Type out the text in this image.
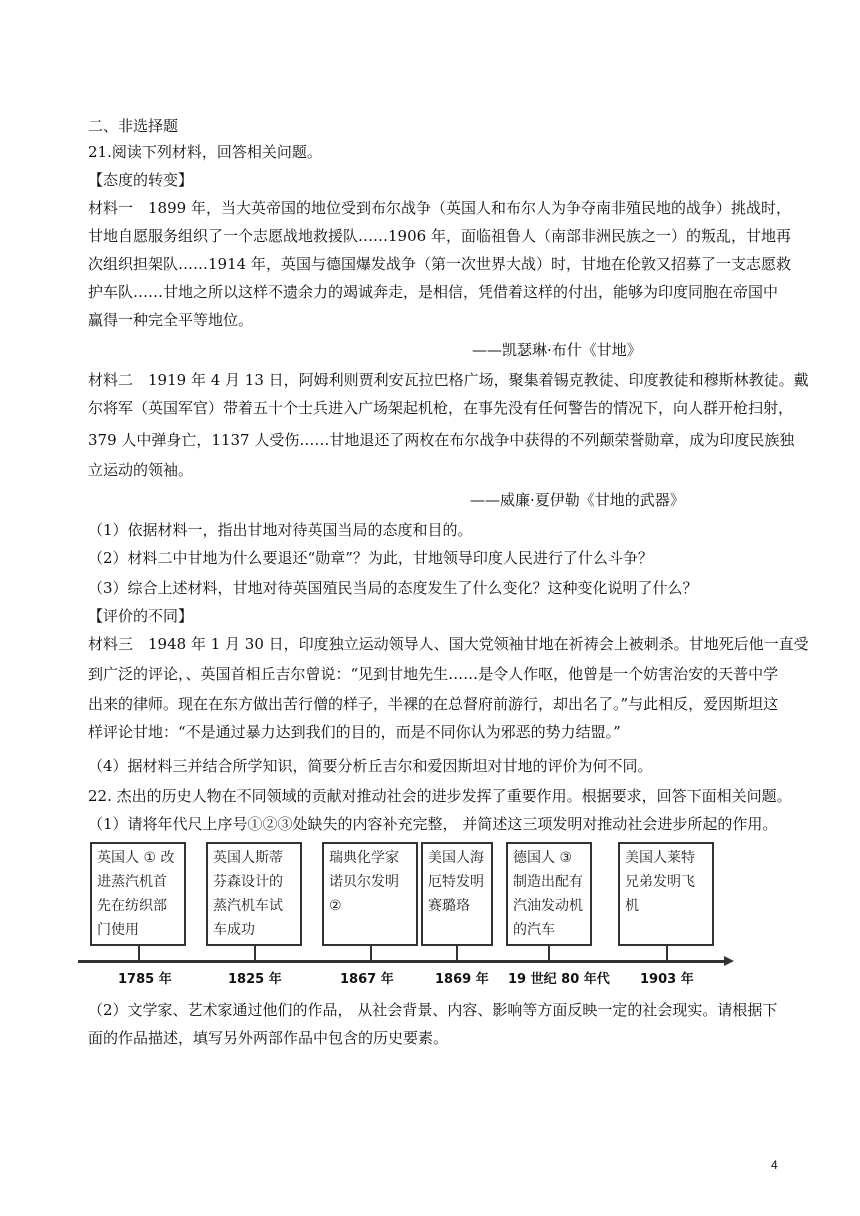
二、非选择题
21.阅读下列材料，回答相关问题。
【态度的转变】
材料一　1899 年，当大英帝国的地位受到布尔战争（英国人和布尔人为争夺南非殖民地的战争）挑战时，
甘地自愿服务组织了一个志愿战地救援队……1906 年，面临祖鲁人（南部非洲民族之一）的叛乱，甘地再
次组织担架队……1914 年，英国与德国爆发战争（第一次世界大战）时，甘地在伦敦又招募了一支志愿救
护车队……甘地之所以这样不遗余力的竭诚奔走，是相信，凭借着这样的付出，能够为印度同胞在帝国中
赢得一种完全平等地位。
——凯瑟琳·布什《甘地》
材料二　1919 年 4 月 13 日，阿姆利则贾利安瓦拉巴格广场，聚集着锡克教徒、印度教徒和穆斯林教徒。戴
尔将军（英国军官）带着五十个士兵进入广场架起机枪，在事先没有任何警告的情况下，向人群开枪扫射，
379 人中弹身亡，1137 人受伤……甘地退还了两枚在布尔战争中获得的不列颠荣誉勋章，成为印度民族独
立运动的领袖。
——威廉·夏伊勒《甘地的武器》
（1）依据材料一，指出甘地对待英国当局的态度和目的。
（2）材料二中甘地为什么要退还“勋章”？为此，甘地领导印度人民进行了什么斗争？
（3）综合上述材料，甘地对待英国殖民当局的态度发生了什么变化？这种变化说明了什么？
【评价的不同】
材料三　1948 年 1 月 30 日，印度独立运动领导人、国大党领袖甘地在祈祷会上被刺杀。甘地死后他一直受
到广泛的评论，、英国首相丘吉尔曾说：“见到甘地先生……是令人作呕，他曾是一个妨害治安的天普中学
出来的律师。现在在东方做出苦行僧的样子，半裸的在总督府前游行，却出名了。”与此相反，爱因斯坦这
样评论甘地：“不是通过暴力达到我们的目的，而是不同你认为邪恶的势力结盟。”
（4）据材料三并结合所学知识，简要分析丘吉尔和爱因斯坦对甘地的评价为何不同。
22. 杰出的历史人物在不同领域的贡献对推动社会的进步发挥了重要作用。根据要求，回答下面相关问题。
（1）请将年代尺上序号①②③处缺失的内容补充完整， 并简述这三项发明对推动社会进步所起的作用。
英国人 ① 改进蒸汽机首先在纺织部门使用
英国人斯蒂芬森设计的蒸汽机车试车成功
瑞典化学家诺贝尔发明 ②
美国人海厄特发明赛璐珞
德国人 ③ 制造出配有汽油发动机的汽车
美国人莱特兄弟发明飞机
1785 年	1825 年	1867 年	1869 年 19 世纪 80 年代 1903 年
（2）文学家、艺术家通过他们的作品， 从社会背景、内容、影响等方面反映一定的社会现实。请根据下
面的作品描述，填写另外两部作品中包含的历史要素。
4
